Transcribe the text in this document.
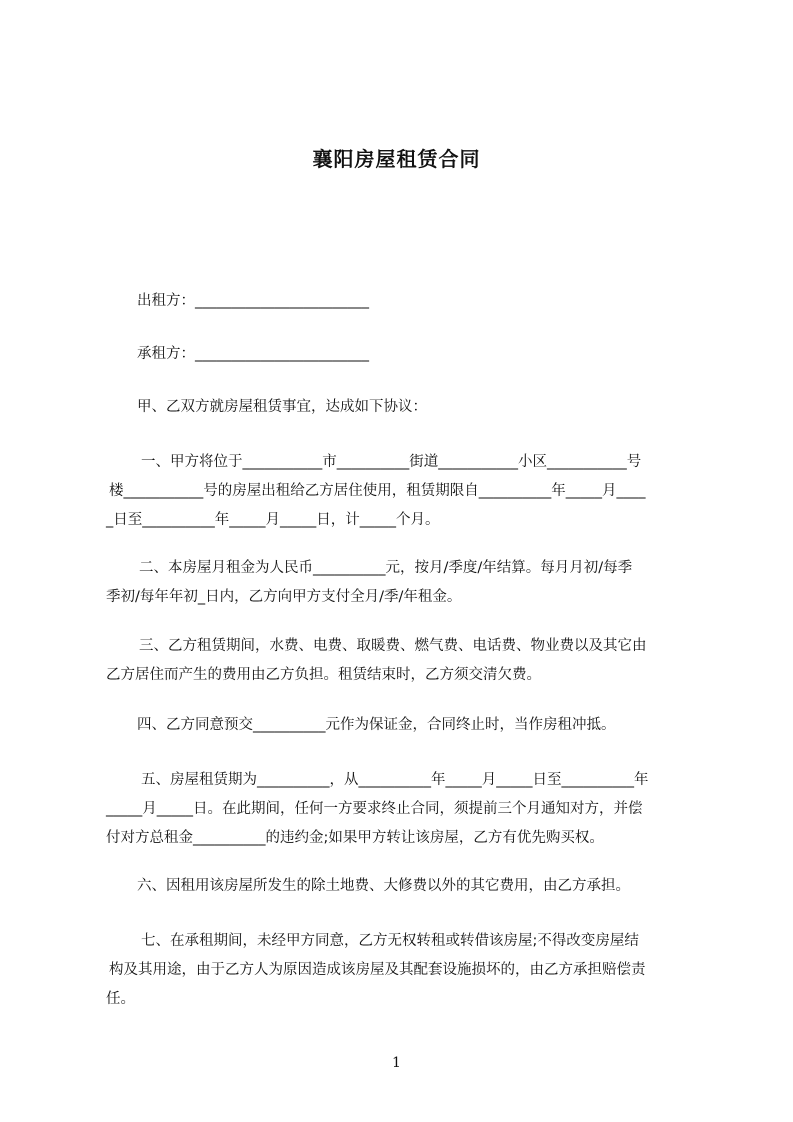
襄阳房屋租赁合同

出租方：________________________

承租方：________________________

甲、乙双方就房屋租赁事宜，达成如下协议：

一、甲方将位于___________市__________街道___________小区___________号
楼___________号的房屋出租给乙方居住使用，租赁期限自__________年_____月____
_日至__________年_____月_____日，计_____个月。

二、本房屋月租金为人民币__________元，按月/季度/年结算。每月月初/每季
季初/每年年初_日内，乙方向甲方支付全月/季/年租金。

三、乙方租赁期间，水费、电费、取暖费、燃气费、电话费、物业费以及其它由
乙方居住而产生的费用由乙方负担。租赁结束时，乙方须交清欠费。

四、乙方同意预交__________元作为保证金，合同终止时，当作房租冲抵。

五、房屋租赁期为__________，从__________年_____月_____日至__________年
_____月_____日。在此期间，任何一方要求终止合同，须提前三个月通知对方，并偿
付对方总租金__________的违约金;如果甲方转让该房屋，乙方有优先购买权。

六、因租用该房屋所发生的除土地费、大修费以外的其它费用，由乙方承担。

七、在承租期间，未经甲方同意，乙方无权转租或转借该房屋;不得改变房屋结
构及其用途，由于乙方人为原因造成该房屋及其配套设施损坏的，由乙方承担赔偿责
任。

1
